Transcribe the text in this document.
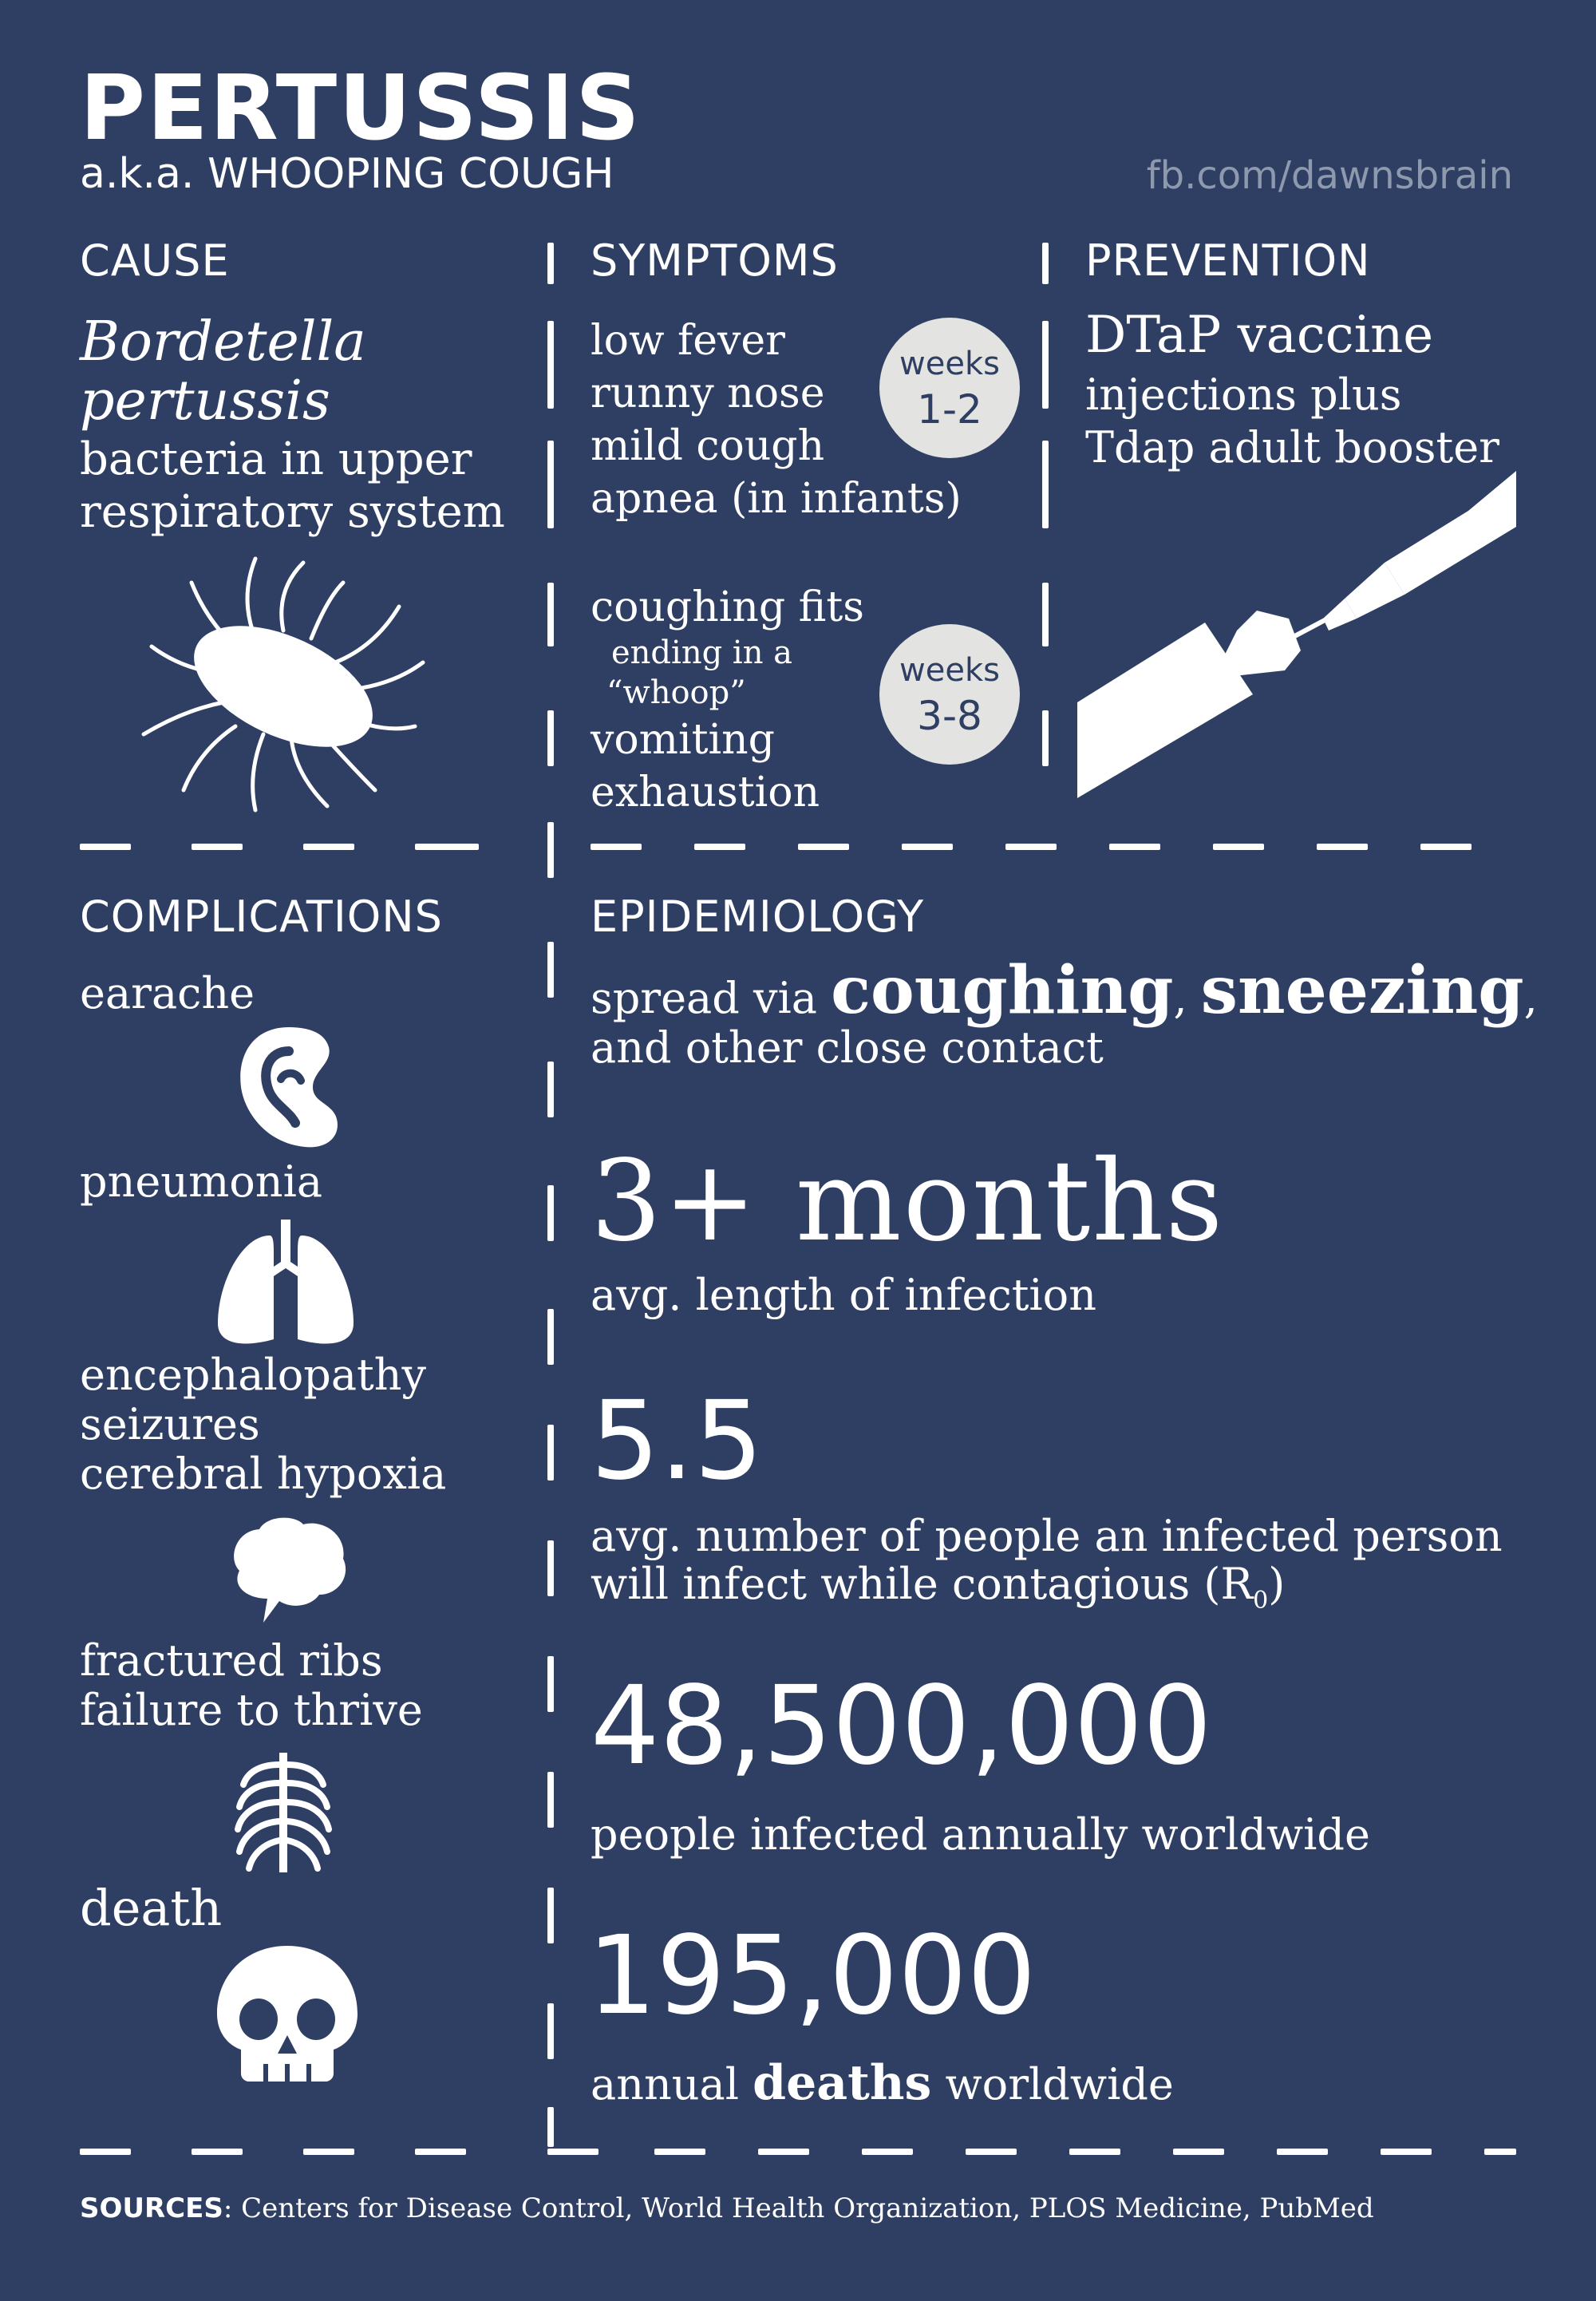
PERTUSSIS
a.k.a. WHOOPING COUGH	fb.com/dawnsbrain
CAUSE
Bordetella
pertussis
bacteria in upper
respiratory system
SYMPTOMS
low fever
runny nose
mild cough
apnea (in infants)
weeks
1-2
coughing fits
ending in a
“whoop”
vomiting
exhaustion
weeks
3-8
PREVENTION
DTaP vaccine
injections plus
Tdap adult booster
COMPLICATIONS
earache
pneumonia
encephalopathy
seizures
cerebral hypoxia
fractured ribs
failure to thrive
death
EPIDEMIOLOGY
spread via coughing, sneezing,
and other close contact
3+ months
avg. length of infection
5.5
avg. number of people an infected person
will infect while contagious $(R_0)$
48,500,000
people infected annually worldwide
195,000
annual deaths worldwide
SOURCES: Centers for Disease Control, World Health Organization, PLOS Medicine, PubMed
